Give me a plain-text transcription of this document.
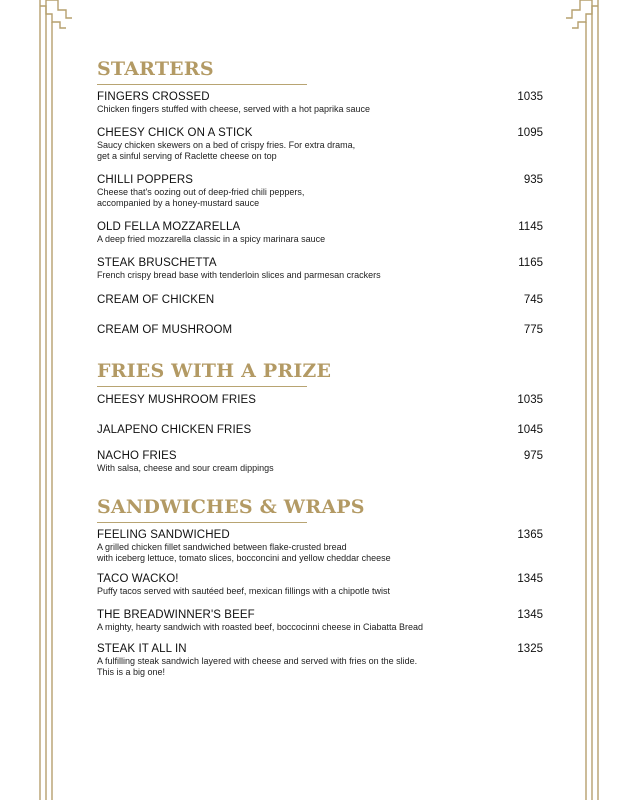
STARTERS
FINGERS CROSSED
Chicken fingers stuffed with cheese, served with a hot paprika sauce
1035
CHEESY CHICK ON A STICK
Saucy chicken skewers on a bed of crispy fries. For extra drama,
get a sinful serving of Raclette cheese on top
1095
CHILLI POPPERS
Cheese that's oozing out of deep-fried chili peppers,
accompanied by a honey-mustard sauce
935
OLD FELLA MOZZARELLA
A deep fried mozzarella classic in a spicy marinara sauce
1145
STEAK BRUSCHETTA
French crispy bread base with tenderloin slices and parmesan crackers
1165
CREAM OF CHICKEN	745
CREAM OF MUSHROOM	775
FRIES WITH A PRIZE
CHEESY MUSHROOM FRIES	1035
JALAPENO CHICKEN FRIES	1045
NACHO FRIES
With salsa, cheese and sour cream dippings
975
SANDWICHES & WRAPS
FEELING SANDWICHED
A grilled chicken fillet sandwiched between flake-crusted bread
with iceberg lettuce, tomato slices, bocconcini and yellow cheddar cheese
1365
TACO WACKO!
Puffy tacos served with sautéed beef, mexican fillings with a chipotle twist
1345
THE BREADWINNER'S BEEF
A mighty, hearty sandwich with roasted beef, boccocinni cheese in Ciabatta Bread
1345
STEAK IT ALL IN
A fulfilling steak sandwich layered with cheese and served with fries on the slide.
This is a big one!
1325
